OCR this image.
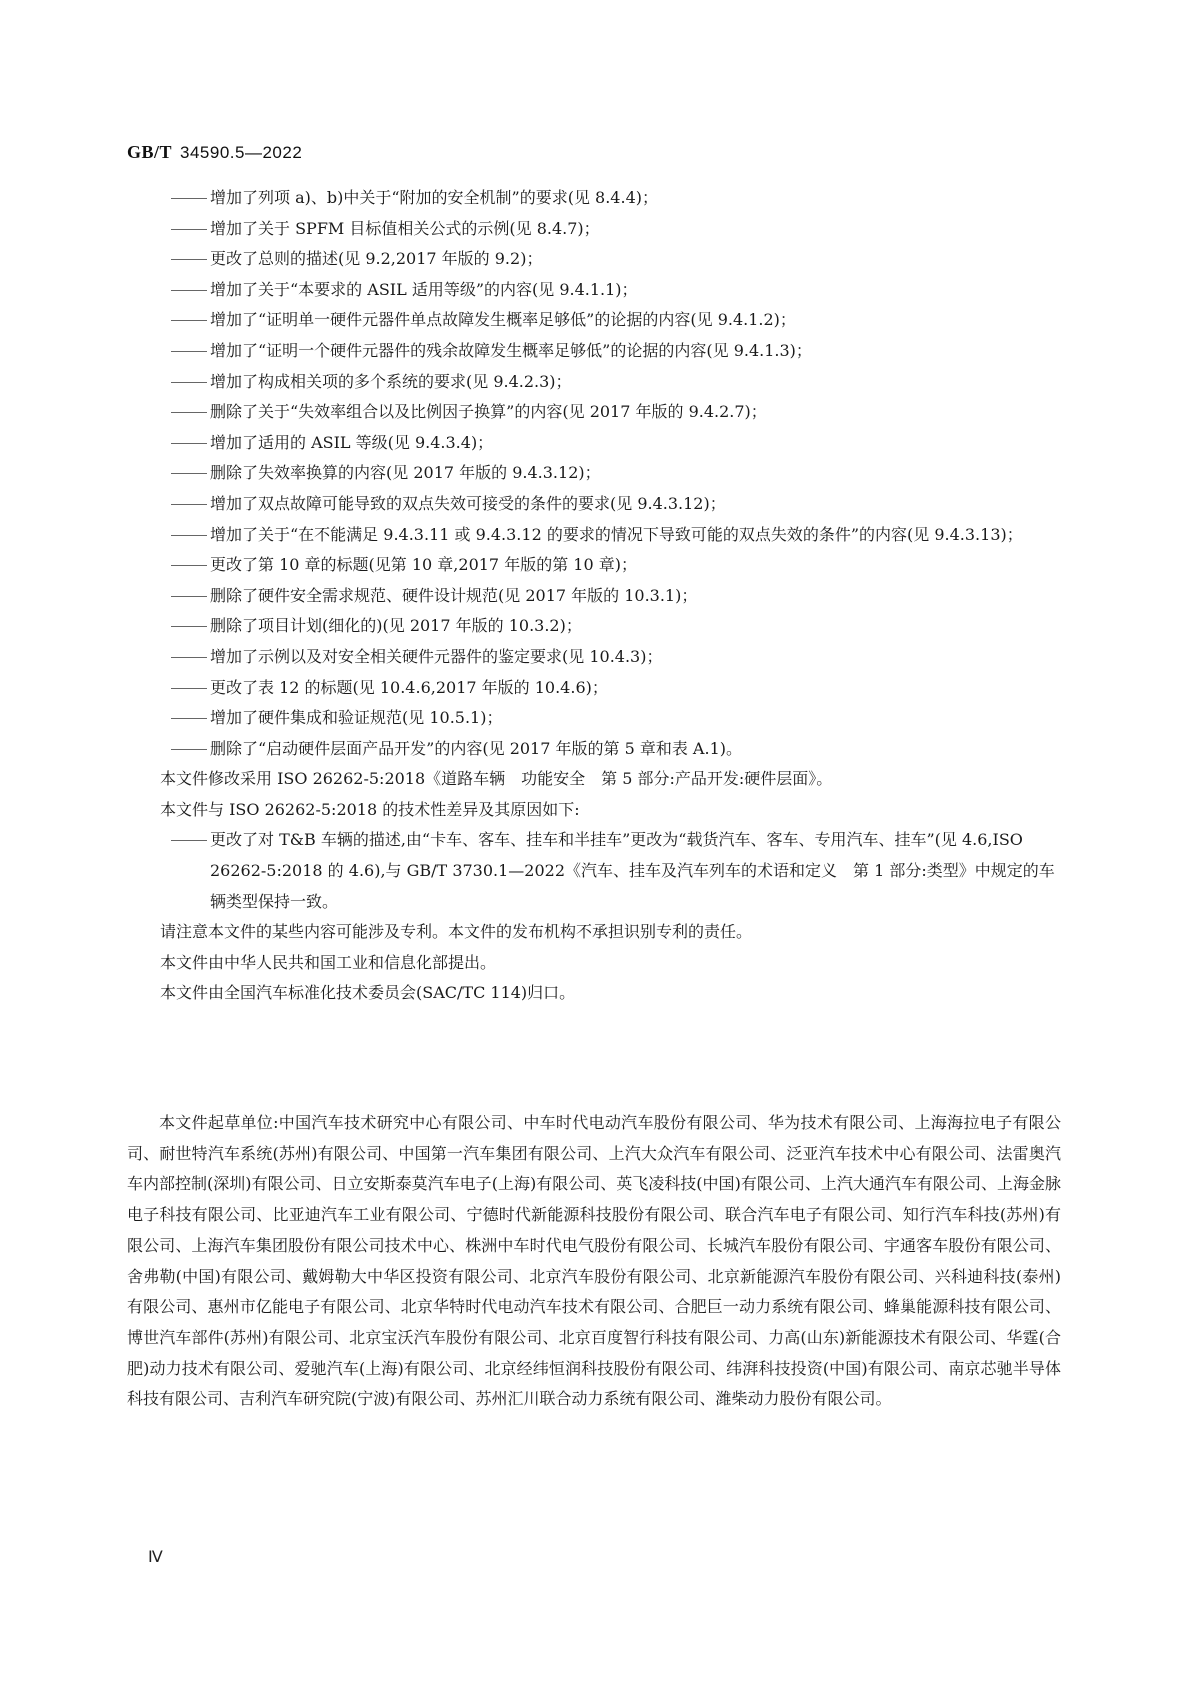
GB/T 34590.5—2022

增加了列项 a)、b)中关于“附加的安全机制”的要求(见 8.4.4)；

增加了关于 SPFM 目标值相关公式的示例(见 8.4.7)；

更改了总则的描述(见 9.2,2017 年版的 9.2)；

增加了关于“本要求的 ASIL 适用等级”的内容(见 9.4.1.1)；

增加了“证明单一硬件元器件单点故障发生概率足够低”的论据的内容(见 9.4.1.2)；

增加了“证明一个硬件元器件的残余故障发生概率足够低”的论据的内容(见 9.4.1.3)；

增加了构成相关项的多个系统的要求(见 9.4.2.3)；

删除了关于“失效率组合以及比例因子换算”的内容(见 2017 年版的 9.4.2.7)；

增加了适用的 ASIL 等级(见 9.4.3.4)；

删除了失效率换算的内容(见 2017 年版的 9.4.3.12)；

增加了双点故障可能导致的双点失效可接受的条件的要求(见 9.4.3.12)；

增加了关于“在不能满足 9.4.3.11 或 9.4.3.12 的要求的情况下导致可能的双点失效的条件”的内容(见 9.4.3.13)；

更改了第 10 章的标题(见第 10 章,2017 年版的第 10 章)；

删除了硬件安全需求规范、硬件设计规范(见 2017 年版的 10.3.1)；

删除了项目计划(细化的)(见 2017 年版的 10.3.2)；

增加了示例以及对安全相关硬件元器件的鉴定要求(见 10.4.3)；

更改了表 12 的标题(见 10.4.6,2017 年版的 10.4.6)；

增加了硬件集成和验证规范(见 10.5.1)；

删除了“启动硬件层面产品开发”的内容(见 2017 年版的第 5 章和表 A.1)。

本文件修改采用 ISO 26262-5:2018《道路车辆　功能安全　第 5 部分:产品开发:硬件层面》。

本文件与 ISO 26262-5:2018 的技术性差异及其原因如下:

更改了对 T&B 车辆的描述,由“卡车、客车、挂车和半挂车”更改为“载货汽车、客车、专用汽车、挂车”(见 4.6,ISO 26262-5:2018 的 4.6),与 GB/T 3730.1—2022《汽车、挂车及汽车列车的术语和定义　第 1 部分:类型》中规定的车辆类型保持一致。

请注意本文件的某些内容可能涉及专利。本文件的发布机构不承担识别专利的责任。

本文件由中华人民共和国工业和信息化部提出。

本文件由全国汽车标准化技术委员会(SAC/TC 114)归口。

本文件起草单位:中国汽车技术研究中心有限公司、中车时代电动汽车股份有限公司、华为技术有限公司、上海海拉电子有限公司、耐世特汽车系统(苏州)有限公司、中国第一汽车集团有限公司、上汽大众汽车有限公司、泛亚汽车技术中心有限公司、法雷奥汽车内部控制(深圳)有限公司、日立安斯泰莫汽车电子(上海)有限公司、英飞凌科技(中国)有限公司、上汽大通汽车有限公司、上海金脉电子科技有限公司、比亚迪汽车工业有限公司、宁德时代新能源科技股份有限公司、联合汽车电子有限公司、知行汽车科技(苏州)有限公司、上海汽车集团股份有限公司技术中心、株洲中车时代电气股份有限公司、长城汽车股份有限公司、宇通客车股份有限公司、舍弗勒(中国)有限公司、戴姆勒大中华区投资有限公司、北京汽车股份有限公司、北京新能源汽车股份有限公司、兴科迪科技(泰州)有限公司、惠州市亿能电子有限公司、北京华特时代电动汽车技术有限公司、合肥巨一动力系统有限公司、蜂巢能源科技有限公司、博世汽车部件(苏州)有限公司、北京宝沃汽车股份有限公司、北京百度智行科技有限公司、力高(山东)新能源技术有限公司、华霆(合肥)动力技术有限公司、爱驰汽车(上海)有限公司、北京经纬恒润科技股份有限公司、纬湃科技投资(中国)有限公司、南京芯驰半导体科技有限公司、吉利汽车研究院(宁波)有限公司、苏州汇川联合动力系统有限公司、潍柴动力股份有限公司。

Ⅳ
